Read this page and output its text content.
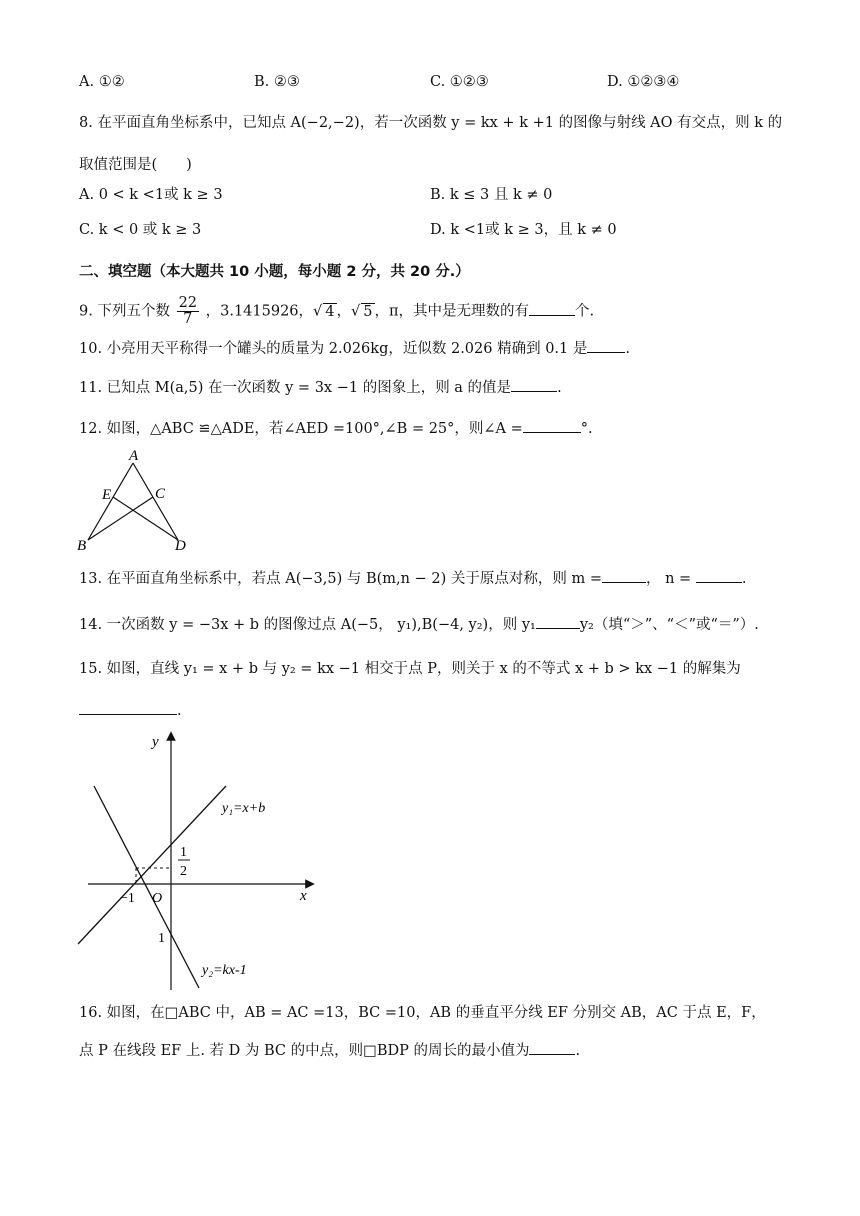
A. ①②	B. ②③	C. ①②③	D. ①②③④
8. 在平面直角坐标系中，已知点 A(−2,−2)，若一次函数 y = kx + k +1 的图像与射线 AO 有交点，则 k 的
取值范围是(　　)
A. 0 < k <1或 k ≥ 3	B. k ≤ 3 且 k ≠ 0
C. k < 0 或 k ≥ 3	D. k <1或 k ≥ 3，且 k ≠ 0
二、填空题（本大题共 10 小题，每小题 2 分，共 20 分.）
9. 下列五个数 $\frac{22}{7}$ ，3.1415926，√ 4 ，√ 5 ，π，其中是无理数的有	个.
10. 小亮用天平称得一个罐头的质量为 2.026kg，近似数 2.026 精确到 0.1 是	.
11. 已知点 M(a,5) 在一次函数 y = 3x −1 的图象上，则 a 的值是	.
12. 如图，△ABC ≌△ADE，若∠AED =100°,∠B = 25°，则∠A =	°.
A
E	C
B	D
13. 在平面直角坐标系中，若点 A(−3,5) 与 B(m,n − 2) 关于原点对称，则 m =	， n =	.
14. 一次函数 y = −3x + b 的图像过点 A(−5， y₁),B(−4, y₂)，则 y₁	y₂（填“＞”、“＜”或“＝”）.
15. 如图，直线 y₁ = x + b 与 y₂ = kx −1 相交于点 P，则关于 x 的不等式 x + b > kx −1 的解集为
.
y
x
y₁=x+b
y₂=kx-1
1
2
−1 O
1
16. 如图，在□ABC 中，AB = AC =13，BC =10，AB 的垂直平分线 EF 分别交 AB，AC 于点 E，F，
点 P 在线段 EF 上. 若 D 为 BC 的中点，则□BDP 的周长的最小值为	.
